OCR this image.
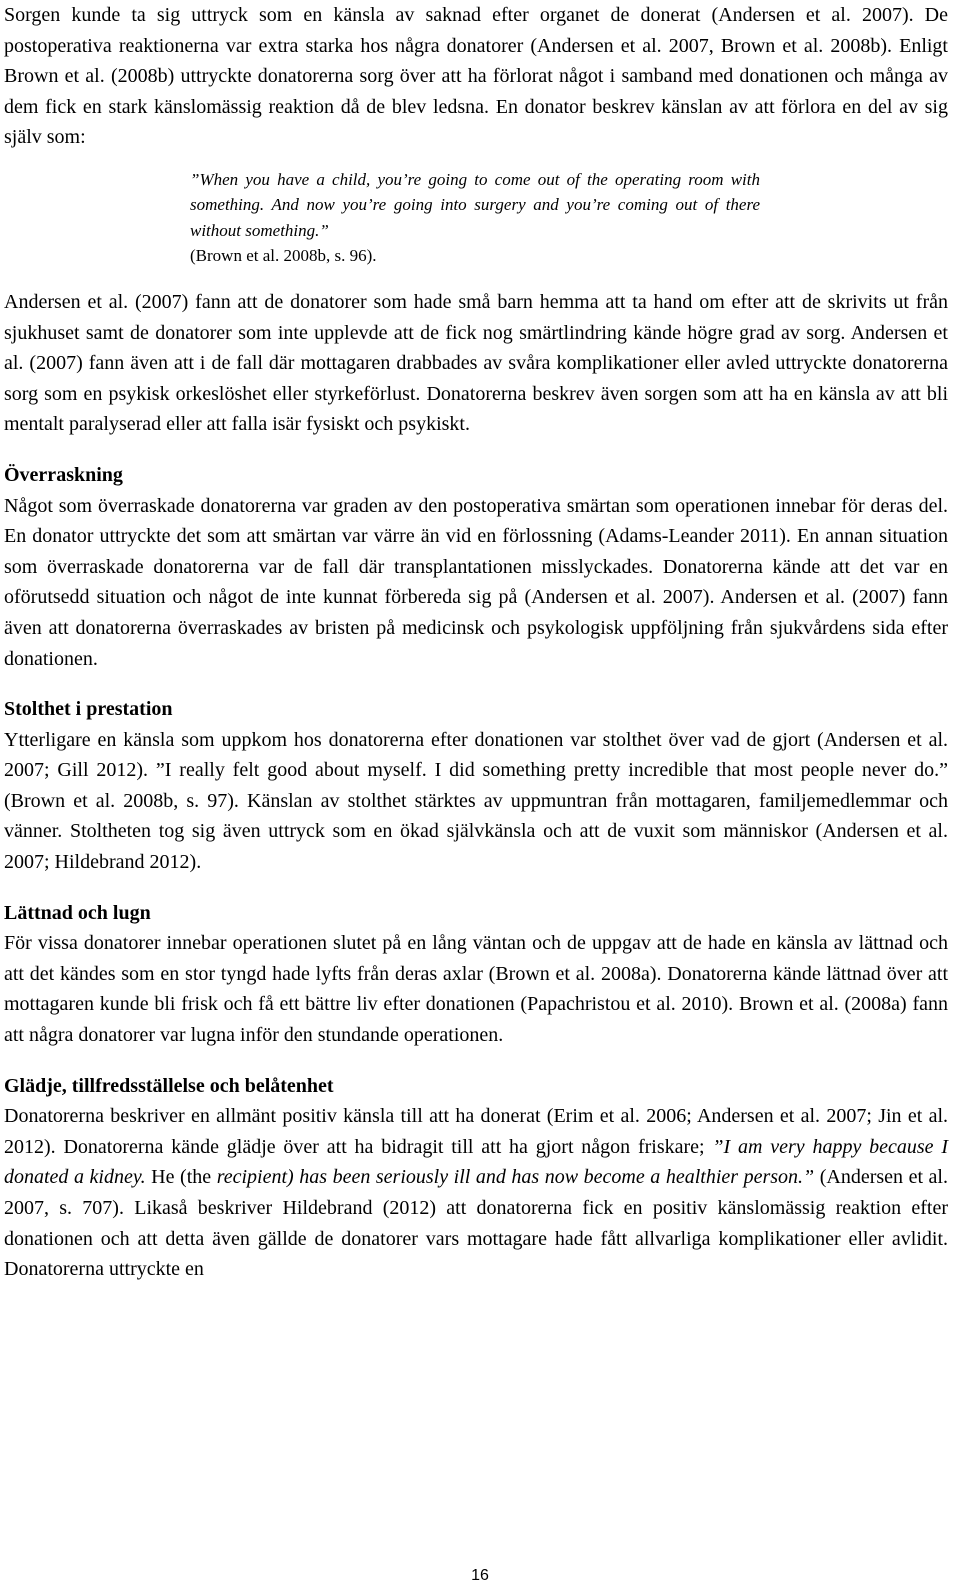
Sorgen kunde ta sig uttryck som en känsla av saknad efter organet de donerat (Andersen et al. 2007). De postoperativa reaktionerna var extra starka hos några donatorer (Andersen et al. 2007, Brown et al. 2008b). Enligt Brown et al. (2008b) uttryckte donatorerna sorg över att ha förlorat något i samband med donationen och många av dem fick en stark känslomässig reaktion då de blev ledsna. En donator beskrev känslan av att förlora en del av sig själv som:

”When you have a child, you’re going to come out of the operating room with something. And now you’re going into surgery and you’re coming out of there without something.”
(Brown et al. 2008b, s. 96).

Andersen et al. (2007) fann att de donatorer som hade små barn hemma att ta hand om efter att de skrivits ut från sjukhuset samt de donatorer som inte upplevde att de fick nog smärtlindring kände högre grad av sorg. Andersen et al. (2007) fann även att i de fall där mottagaren drabbades av svåra komplikationer eller avled uttryckte donatorerna sorg som en psykisk orkeslöshet eller styrkeförlust. Donatorerna beskrev även sorgen som att ha en känsla av att bli mentalt paralyserad eller att falla isär fysiskt och psykiskt.

Överraskning

Något som överraskade donatorerna var graden av den postoperativa smärtan som operationen innebar för deras del. En donator uttryckte det som att smärtan var värre än vid en förlossning (Adams-Leander 2011). En annan situation som överraskade donatorerna var de fall där transplantationen misslyckades. Donatorerna kände att det var en oförutsedd situation och något de inte kunnat förbereda sig på (Andersen et al. 2007). Andersen et al. (2007) fann även att donatorerna överraskades av bristen på medicinsk och psykologisk uppföljning från sjukvårdens sida efter donationen.

Stolthet i prestation

Ytterligare en känsla som uppkom hos donatorerna efter donationen var stolthet över vad de gjort (Andersen et al. 2007; Gill 2012). ”I really felt good about myself. I did something pretty incredible that most people never do.” (Brown et al. 2008b, s. 97). Känslan av stolthet stärktes av uppmuntran från mottagaren, familjemedlemmar och vänner. Stoltheten tog sig även uttryck som en ökad självkänsla och att de vuxit som människor (Andersen et al. 2007; Hildebrand 2012).

Lättnad och lugn

För vissa donatorer innebar operationen slutet på en lång väntan och de uppgav att de hade en känsla av lättnad och att det kändes som en stor tyngd hade lyfts från deras axlar (Brown et al. 2008a). Donatorerna kände lättnad över att mottagaren kunde bli frisk och få ett bättre liv efter donationen (Papachristou et al. 2010). Brown et al. (2008a) fann att några donatorer var lugna inför den stundande operationen.

Glädje, tillfredsställelse och belåtenhet

Donatorerna beskriver en allmänt positiv känsla till att ha donerat (Erim et al. 2006; Andersen et al. 2007; Jin et al. 2012). Donatorerna kände glädje över att ha bidragit till att ha gjort någon friskare; ”I am very happy because I donated a kidney. He (the recipient) has been seriously ill and has now become a healthier person.” (Andersen et al. 2007, s. 707). Likaså beskriver Hildebrand (2012) att donatorerna fick en positiv känslomässig reaktion efter donationen och att detta även gällde de donatorer vars mottagare hade fått allvarliga komplikationer eller avlidit. Donatorerna uttryckte en

16
